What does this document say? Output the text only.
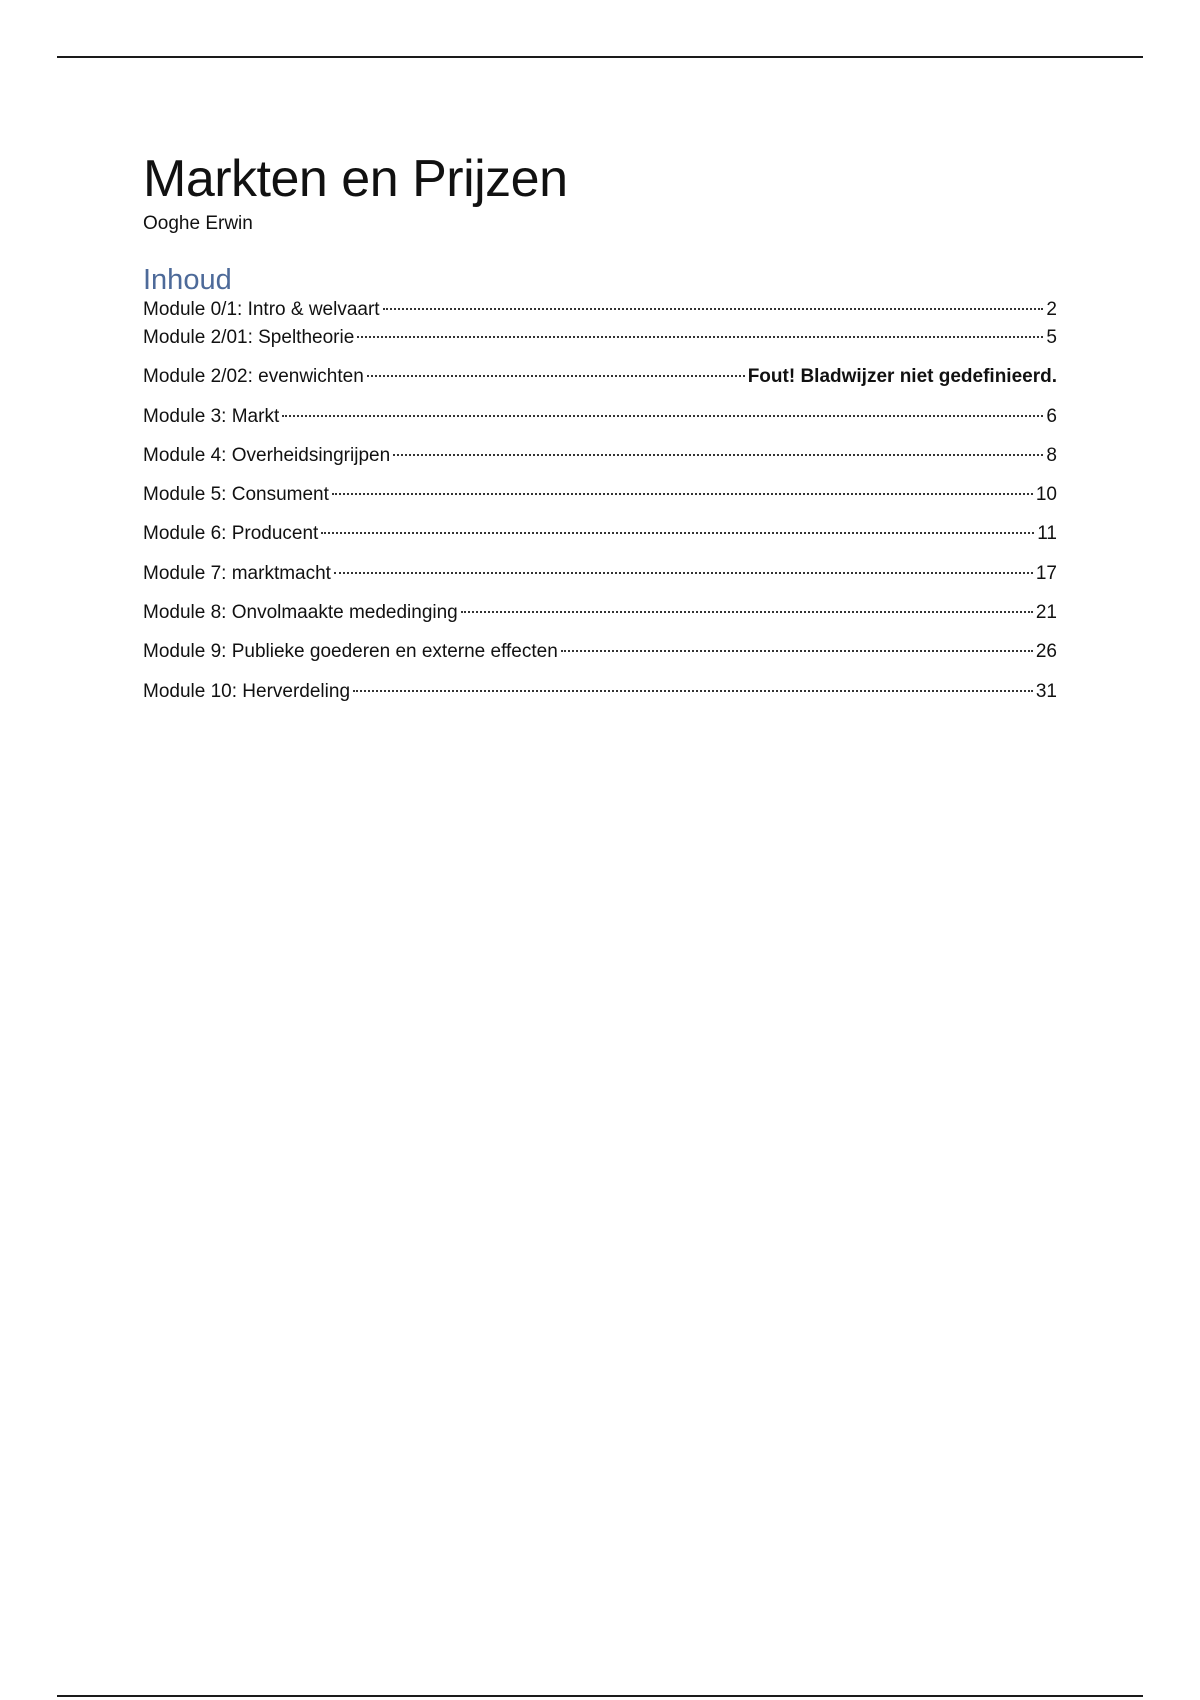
Markten en Prijzen
Ooghe Erwin
Inhoud
Module 0/1: Intro & welvaart	2
Module 2/01: Speltheorie	5
Module 2/02: evenwichten	Fout! Bladwijzer niet gedefinieerd.
Module 3: Markt	6
Module 4: Overheidsingrijpen	8
Module 5: Consument	10
Module 6: Producent	11
Module 7: marktmacht	17
Module 8: Onvolmaakte mededinging	21
Module 9: Publieke goederen en externe effecten	26
Module 10: Herverdeling	31
